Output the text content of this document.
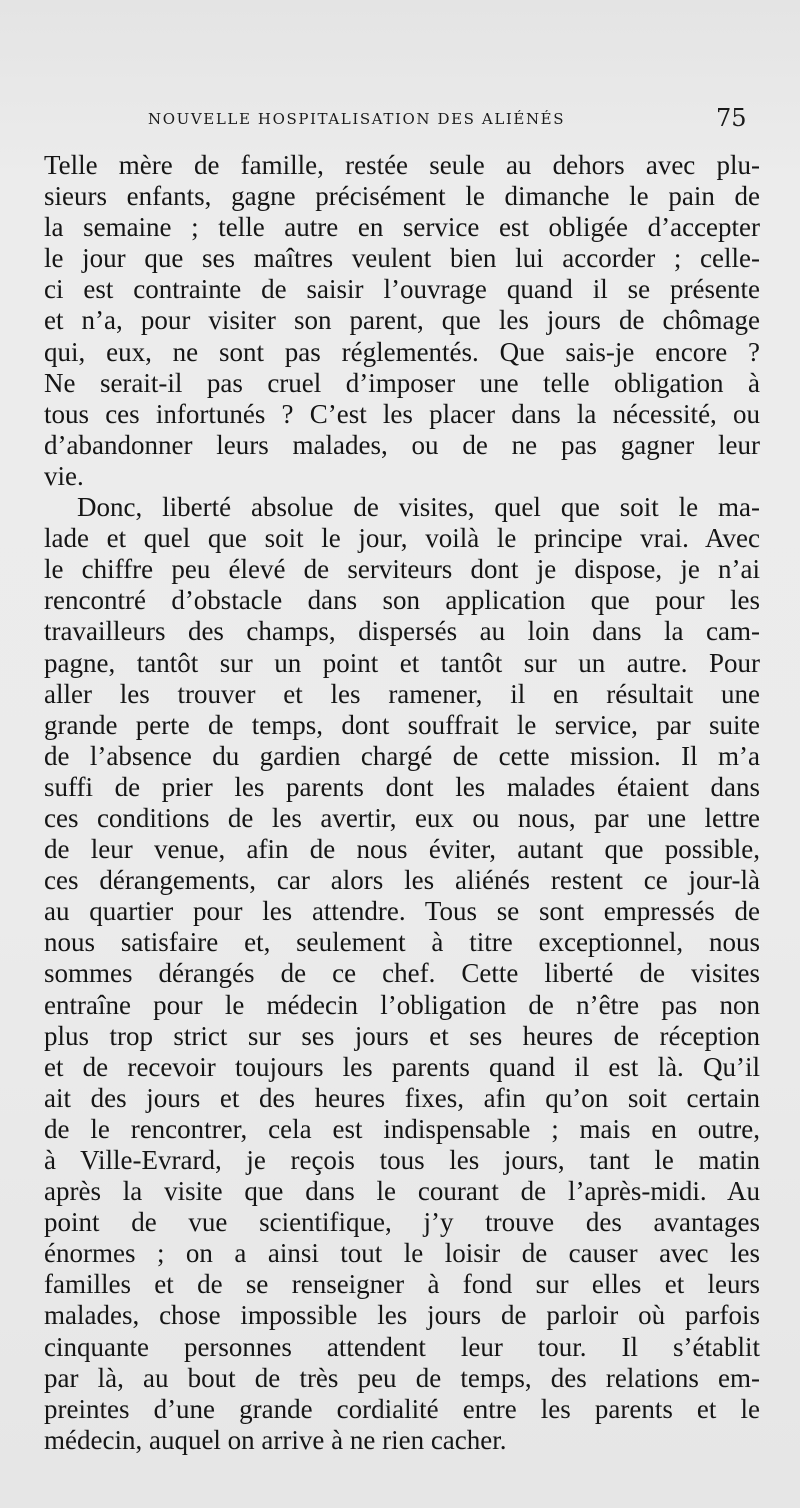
NOUVELLE HOSPITALISATION DES ALIÉNÉS	75
Telle mère de famille, restée seule au dehors avec plu-
sieurs enfants, gagne précisément le dimanche le pain de
la semaine ; telle autre en service est obligée d’accepter
le jour que ses maîtres veulent bien lui accorder ; celle-
ci est contrainte de saisir l’ouvrage quand il se présente
et n’a, pour visiter son parent, que les jours de chômage
qui, eux, ne sont pas réglementés. Que sais-je encore ?
Ne serait-il pas cruel d’imposer une telle obligation à
tous ces infortunés ? C’est les placer dans la nécessité, ou
d’abandonner leurs malades, ou de ne pas gagner leur
vie.
Donc, liberté absolue de visites, quel que soit le ma-
lade et quel que soit le jour, voilà le principe vrai. Avec
le chiffre peu élevé de serviteurs dont je dispose, je n’ai
rencontré d’obstacle dans son application que pour les
travailleurs des champs, dispersés au loin dans la cam-
pagne, tantôt sur un point et tantôt sur un autre. Pour
aller les trouver et les ramener, il en résultait une
grande perte de temps, dont souffrait le service, par suite
de l’absence du gardien chargé de cette mission. Il m’a
suffi de prier les parents dont les malades étaient dans
ces conditions de les avertir, eux ou nous, par une lettre
de leur venue, afin de nous éviter, autant que possible,
ces dérangements, car alors les aliénés restent ce jour-là
au quartier pour les attendre. Tous se sont empressés de
nous satisfaire et, seulement à titre exceptionnel, nous
sommes dérangés de ce chef. Cette liberté de visites
entraîne pour le médecin l’obligation de n’être pas non
plus trop strict sur ses jours et ses heures de réception
et de recevoir toujours les parents quand il est là. Qu’il
ait des jours et des heures fixes, afin qu’on soit certain
de le rencontrer, cela est indispensable ; mais en outre,
à Ville-Evrard, je reçois tous les jours, tant le matin
après la visite que dans le courant de l’après-midi. Au
point de vue scientifique, j’y trouve des avantages
énormes ; on a ainsi tout le loisir de causer avec les
familles et de se renseigner à fond sur elles et leurs
malades, chose impossible les jours de parloir où parfois
cinquante personnes attendent leur tour. Il s’établit
par là, au bout de très peu de temps, des relations em-
preintes d’une grande cordialité entre les parents et le
médecin, auquel on arrive à ne rien cacher.
